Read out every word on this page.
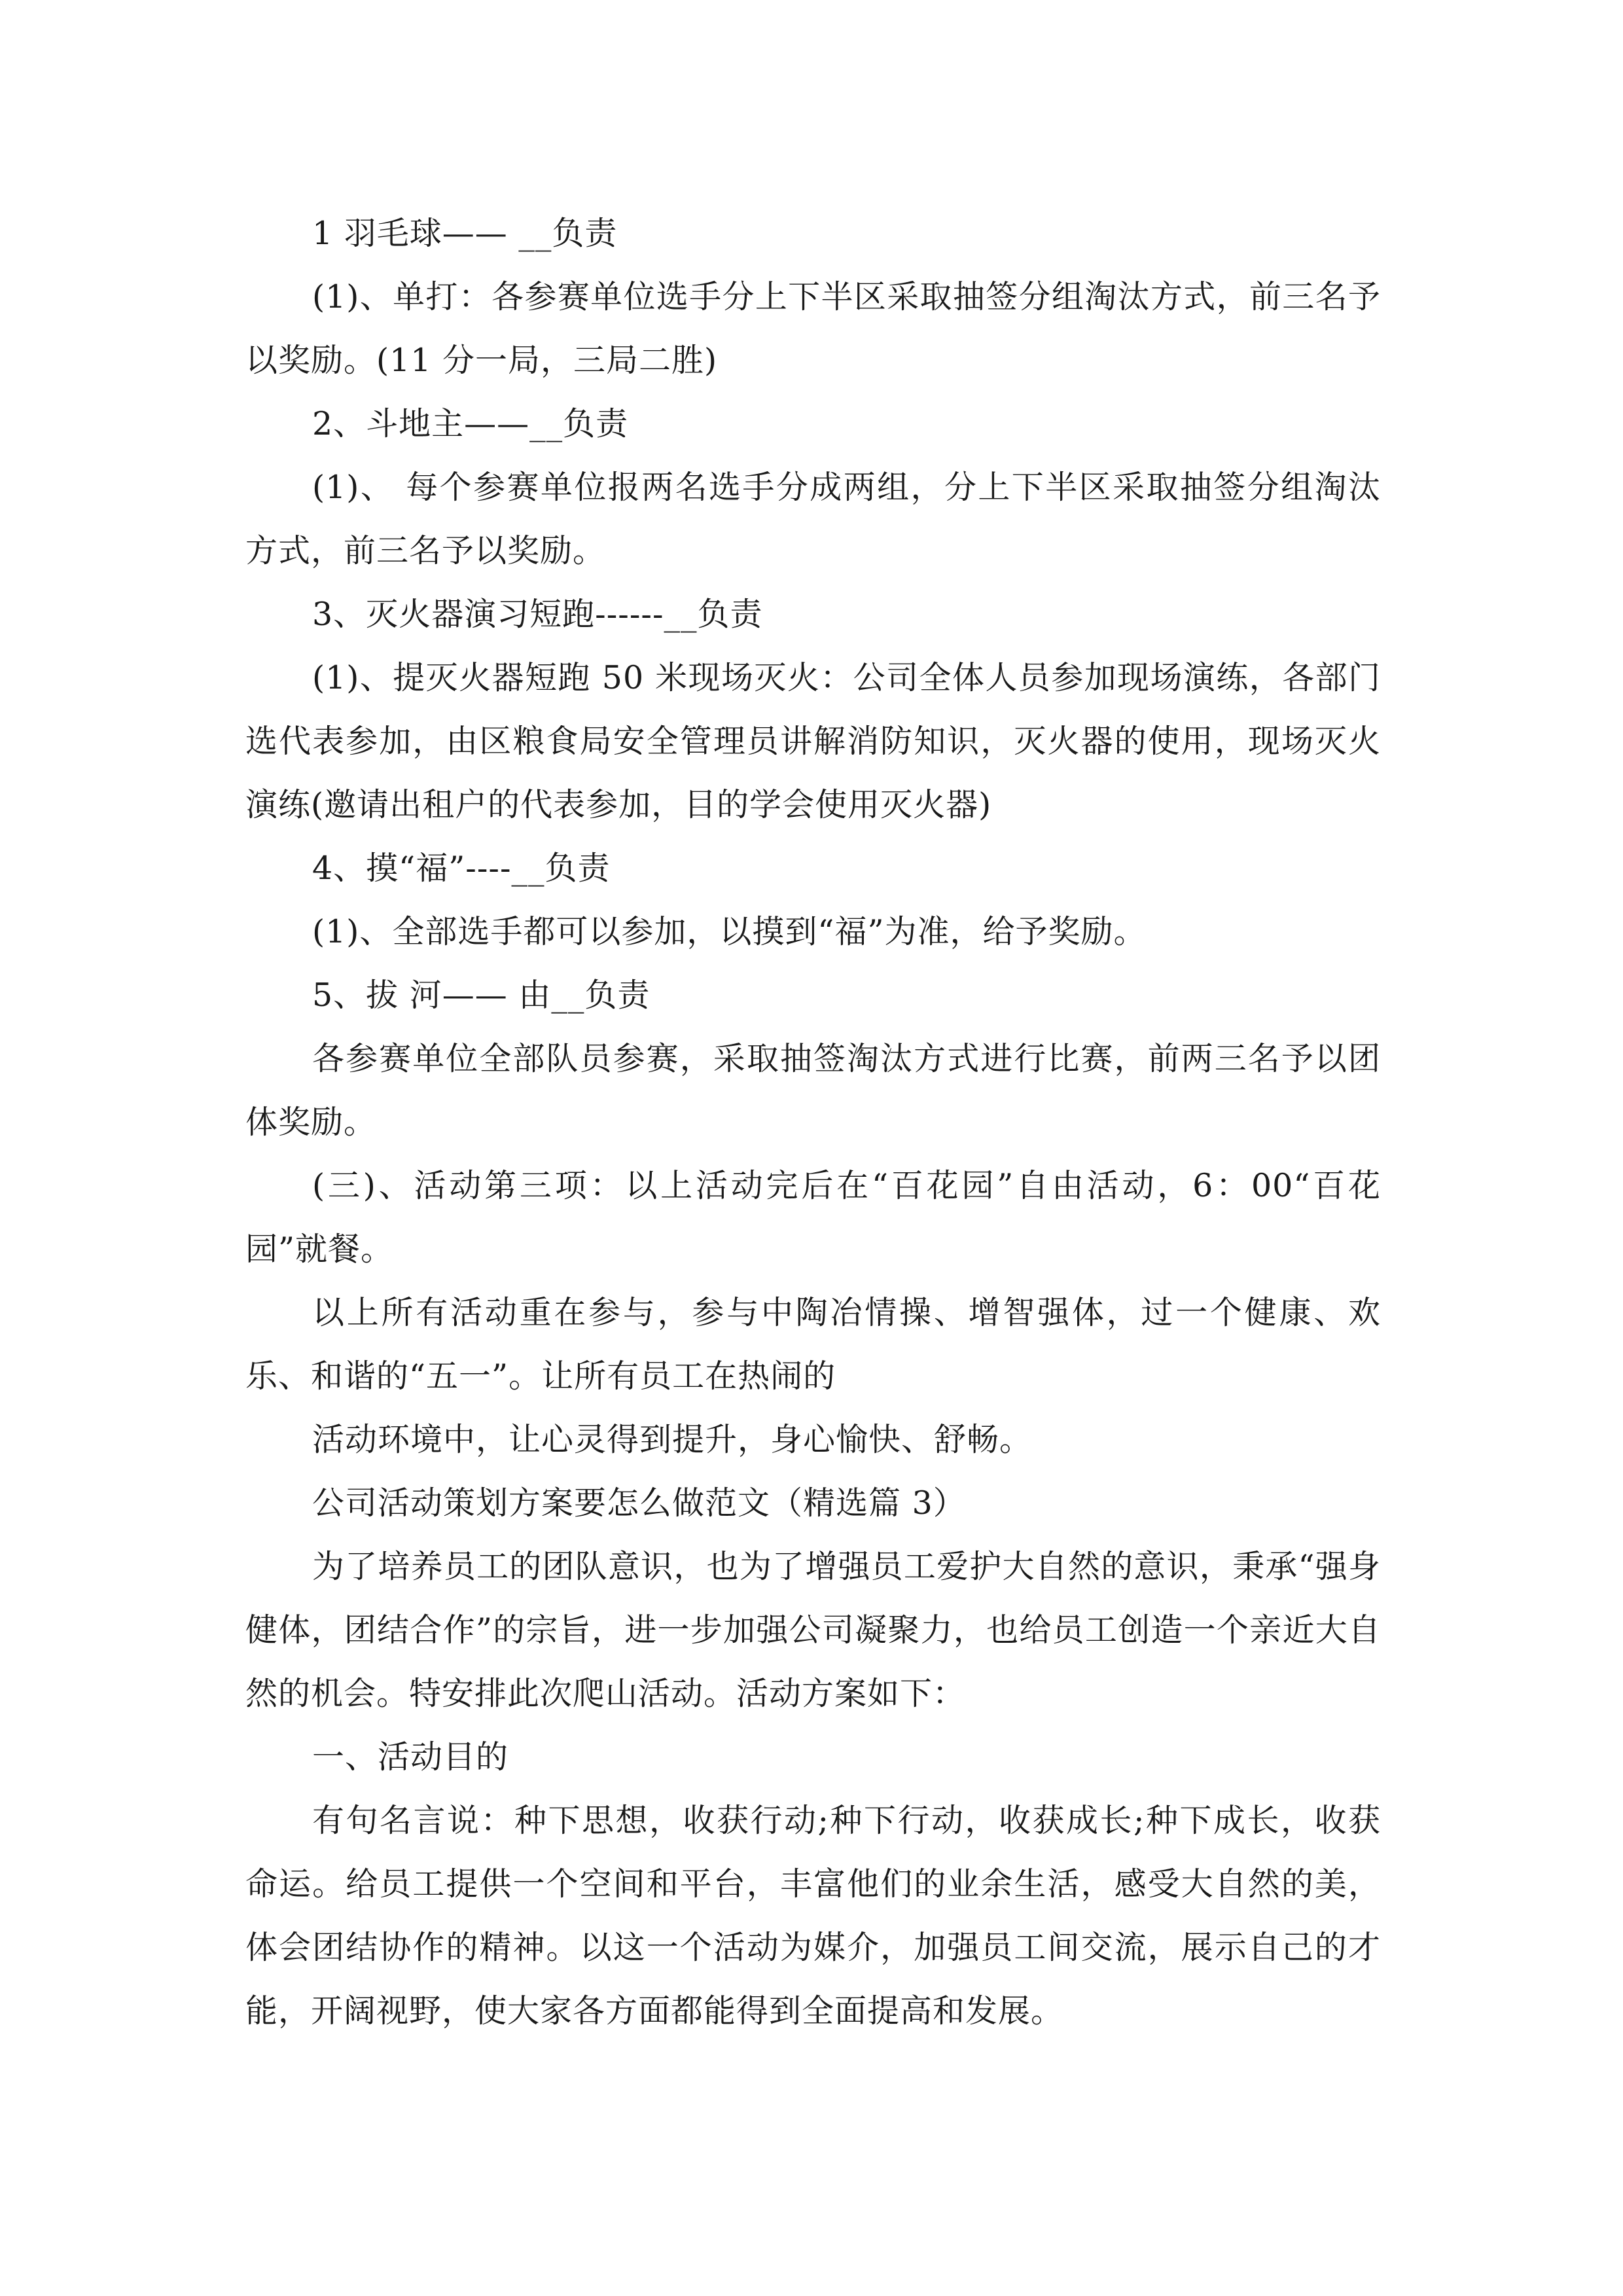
1 羽毛球—— __负责

(1)、单打：各参赛单位选手分上下半区采取抽签分组淘汰方式，前三名予以奖励。(11 分一局，三局二胜)

2、斗地主——__负责

(1)、 每个参赛单位报两名选手分成两组，分上下半区采取抽签分组淘汰方式，前三名予以奖励。

3、灭火器演习短跑------__负责

(1)、提灭火器短跑 50 米现场灭火：公司全体人员参加现场演练，各部门选代表参加，由区粮食局安全管理员讲解消防知识，灭火器的使用，现场灭火演练(邀请出租户的代表参加，目的学会使用灭火器)

4、摸“福”----__负责

(1)、全部选手都可以参加，以摸到“福”为准，给予奖励。

5、拔 河—— 由__负责

各参赛单位全部队员参赛，采取抽签淘汰方式进行比赛，前两三名予以团体奖励。

(三)、活动第三项：以上活动完后在“百花园”自由活动，6：00“百花园”就餐。

以上所有活动重在参与，参与中陶冶情操、增智强体，过一个健康、欢乐、和谐的“五一”。让所有员工在热闹的

活动环境中，让心灵得到提升，身心愉快、舒畅。

公司活动策划方案要怎么做范文（精选篇 3）

为了培养员工的团队意识，也为了增强员工爱护大自然的意识，秉承“强身健体，团结合作”的宗旨，进一步加强公司凝聚力，也给员工创造一个亲近大自然的机会。特安排此次爬山活动。活动方案如下：

一、活动目的

有句名言说：种下思想，收获行动;种下行动，收获成长;种下成长，收获命运。给员工提供一个空间和平台，丰富他们的业余生活，感受大自然的美，体会团结协作的精神。以这一个活动为媒介，加强员工间交流，展示自己的才能，开阔视野，使大家各方面都能得到全面提高和发展。
